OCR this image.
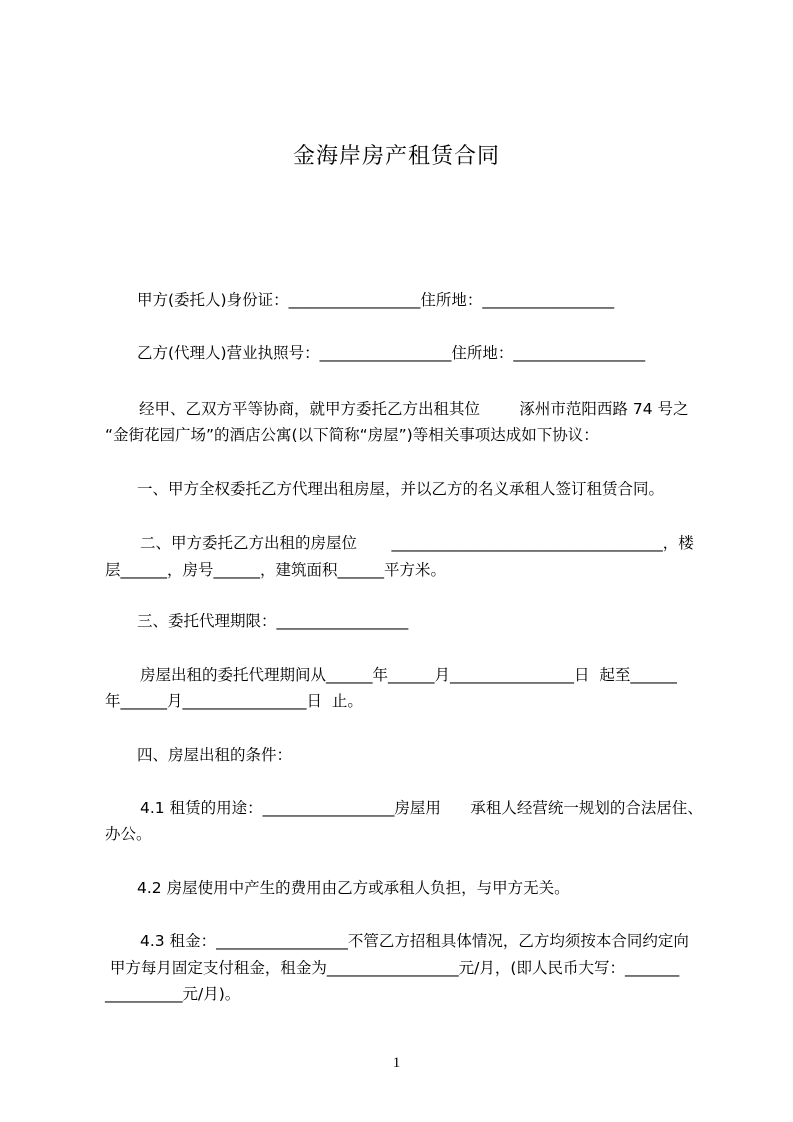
金海岸房产租赁合同
甲方(委托人)身份证：_________________住所地：_________________
乙方(代理人)营业执照号：_________________住所地：_________________
经甲、乙双方平等协商，就甲方委托乙方出租其位        涿州市范阳西路 74 号之
“金街花园广场”的酒店公寓(以下简称“房屋”)等相关事项达成如下协议：
一、甲方全权委托乙方代理出租房屋，并以乙方的名义承租人签订租赁合同。
二、甲方委托乙方出租的房屋位       ___________________________________，楼
层______，房号______，建筑面积______平方米。
三、委托代理期限：_________________
房屋出租的委托代理期间从______年______月________________日  起至______
年______月________________日  止。
四、房屋出租的条件：
4.1 租赁的用途：_________________房屋用      承租人经营统一规划的合法居住、
办公。
4.2 房屋使用中产生的费用由乙方或承租人负担，与甲方无关。
4.3 租金：_________________不管乙方招租具体情况，乙方均须按本合同约定向
甲方每月固定支付租金，租金为_________________元/月，(即人民币大写：_______
__________元/月)。
1
